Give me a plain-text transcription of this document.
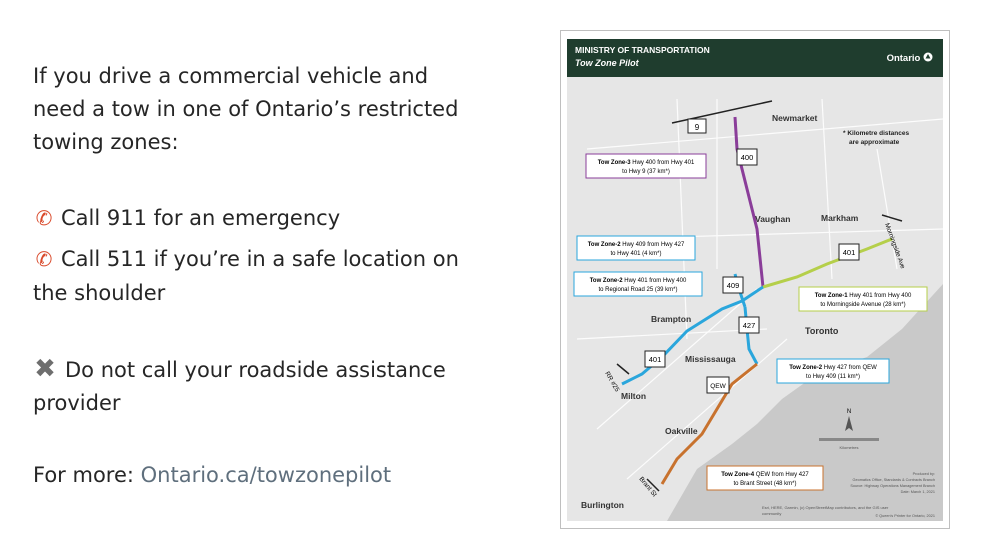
If you drive a commercial vehicle and
need a tow in one of Ontario’s restricted
towing zones:
✆ Call 911 for an emergency
✆ Call 511 if you’re in a safe location on
the shoulder
✖ Do not call your roadside assistance
provider
For more: Ontario.ca/towzonepilot
9
400
401
409
427
401
QEW
Morningside Ave
RR #25
Brant St
Newmarket
Vaughan	Markham
Brampton
Toronto
Mississauga
Milton
Oakville
Burlington
* Kilometre distances
are approximate
Tow Zone-3 Hwy 400 from Hwy 401
to Hwy 9 (37 km*)
Tow Zone-2 Hwy 409 from Hwy 427
to Hwy 401 (4 km*)
Tow Zone-2 Hwy 401 from Hwy 400
to Regional Road 25 (39 km*)
Tow Zone-1 Hwy 401 from Hwy 400
to Morningside Avenue (28 km*)
Tow Zone-2 Hwy 427 from QEW
to Hwy 409 (11 km*)
Tow Zone-4 QEW from Hwy 427
to Brant Street (48 km*)
N
Kilometres
Produced by:
Geomatics Office, Standards & Contracts Branch
Source: Highway Operations Management Branch
Date: March 1, 2021
Esri, HERE, Garmin, (c) OpenStreetMap contributors, and the GIS user
community	© Queen's Printer for Ontario, 2021
MINISTRY OF TRANSPORTATION
Tow Zone Pilot	Ontario
